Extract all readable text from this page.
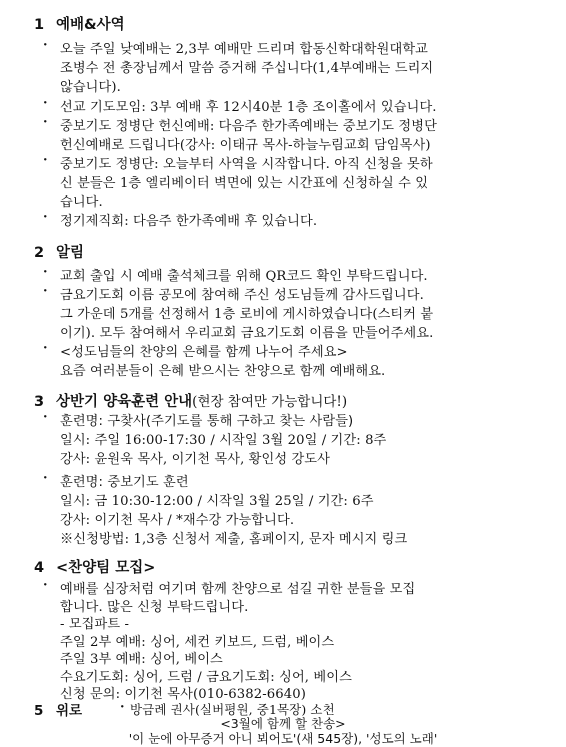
1 예배&사역
· 오늘 주일 낮예배는 2,3부 예배만 드리며 합동신학대학원대학교
조병수 전 총장님께서 말씀 증거해 주십니다(1,4부예배는 드리지
않습니다).
· 선교 기도모임: 3부 예배 후 12시40분 1층 조이홀에서 있습니다.
· 중보기도 정병단 헌신예배: 다음주 한가족예배는 중보기도 정병단
헌신예배로 드립니다(강사: 이태규 목사-하늘누림교회 담임목사)
· 중보기도 정병단: 오늘부터 사역을 시작합니다. 아직 신청을 못하
신 분들은 1층 엘리베이터 벽면에 있는 시간표에 신청하실 수 있
습니다.
· 정기제직회: 다음주 한가족예배 후 있습니다.
2 알림
· 교회 출입 시 예배 출석체크를 위해 QR코드 확인 부탁드립니다.
· 금요기도회 이름 공모에 참여해 주신 성도님들께 감사드립니다.
그 가운데 5개를 선정해서 1층 로비에 게시하였습니다(스티커 붙
이기). 모두 참여해서 우리교회 금요기도회 이름을 만들어주세요.
· <성도님들의 찬양의 은혜를 함께 나누어 주세요>
요즘 여러분들이 은혜 받으시는 찬양으로 함께 예배해요.
3 상반기 양육훈련 안내(현장 참여만 가능합니다!)
· 훈련명: 구찾사(주기도를 통해 구하고 찾는 사람들)
일시: 주일 16:00-17:30 / 시작일 3월 20일 / 기간: 8주
강사: 윤원욱 목사, 이기천 목사, 황인성 강도사
· 훈련명: 중보기도 훈련
일시: 금 10:30-12:00 / 시작일 3월 25일 / 기간: 6주
강사: 이기천 목사 / *재수강 가능합니다.
※신청방법: 1,3층 신청서 제출, 홈페이지, 문자 메시지 링크
4 <찬양팀 모집>
· 예배를 심장처럼 여기며 함께 찬양으로 섬길 귀한 분들을 모집
합니다. 많은 신청 부탁드립니다.
- 모집파트 -
주일 2부 예배: 싱어, 세컨 키보드, 드럼, 베이스
주일 3부 예배: 싱어, 베이스
수요기도회: 싱어, 드럼 / 금요기도회: 싱어, 베이스
신청 문의: 이기천 목사(010-6382-6640)
5 위로	· 방금례 권사(실버평원, 중1목장) 소천
<3월에 함께 할 찬송>
'이 눈에 아무증거 아니 뵈어도'(새 545장), '성도의 노래'
